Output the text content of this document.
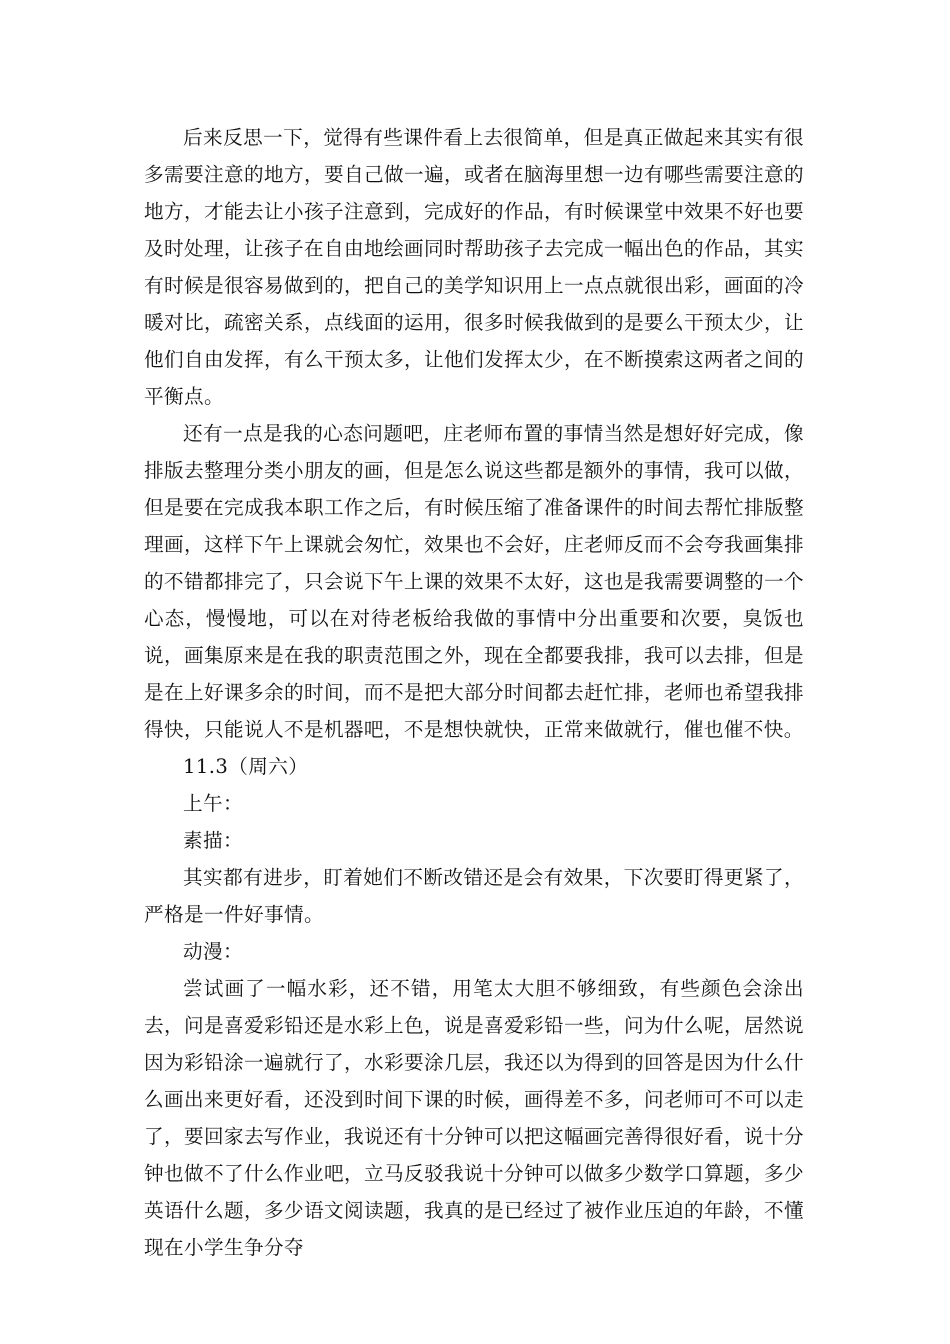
后来反思一下，觉得有些课件看上去很简单，但是真正做起来其实有很多需要注意的地方，要自己做一遍，或者在脑海里想一边有哪些需要注意的地方，才能去让小孩子注意到，完成好的作品，有时候课堂中效果不好也要及时处理，让孩子在自由地绘画同时帮助孩子去完成一幅出色的作品，其实有时候是很容易做到的，把自己的美学知识用上一点点就很出彩，画面的冷暖对比，疏密关系，点线面的运用，很多时候我做到的是要么干预太少，让他们自由发挥，有么干预太多，让他们发挥太少，在不断摸索这两者之间的平衡点。

还有一点是我的心态问题吧，庄老师布置的事情当然是想好好完成，像排版去整理分类小朋友的画，但是怎么说这些都是额外的事情，我可以做，但是要在完成我本职工作之后，有时候压缩了准备课件的时间去帮忙排版整理画，这样下午上课就会匆忙，效果也不会好，庄老师反而不会夸我画集排的不错都排完了，只会说下午上课的效果不太好，这也是我需要调整的一个心态，慢慢地，可以在对待老板给我做的事情中分出重要和次要，臭饭也说，画集原来是在我的职责范围之外，现在全都要我排，我可以去排，但是是在上好课多余的时间，而不是把大部分时间都去赶忙排，老师也希望我排得快，只能说人不是机器吧，不是想快就快，正常来做就行，催也催不快。

11.3（周六）

上午：

素描：

其实都有进步，盯着她们不断改错还是会有效果，下次要盯得更紧了，严格是一件好事情。

动漫：

尝试画了一幅水彩，还不错，用笔太大胆不够细致，有些颜色会涂出去，问是喜爱彩铅还是水彩上色，说是喜爱彩铅一些，问为什么呢，居然说因为彩铅涂一遍就行了，水彩要涂几层，我还以为得到的回答是因为什么什么画出来更好看，还没到时间下课的时候，画得差不多，问老师可不可以走了，要回家去写作业，我说还有十分钟可以把这幅画完善得很好看，说十分钟也做不了什么作业吧，立马反驳我说十分钟可以做多少数学口算题，多少英语什么题，多少语文阅读题，我真的是已经过了被作业压迫的年龄，不懂现在小学生争分夺
